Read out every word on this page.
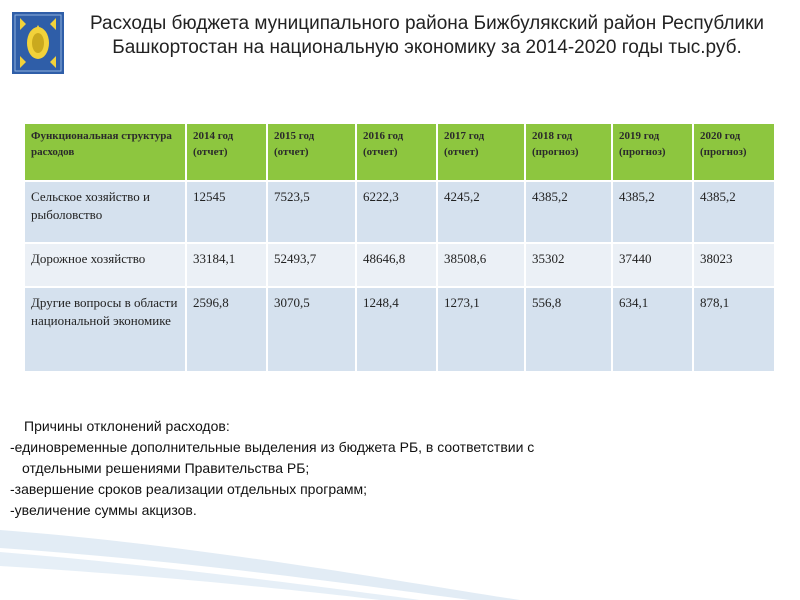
Расходы бюджета муниципального района Бижбулякский район Республики
Башкортостан на национальную экономику за 2014-2020 годы тыс.руб.
Функциональная структура расходов	2014 год (отчет)	2015 год (отчет)	2016 год (отчет)	2017 год (отчет)	2018 год (прогноз)	2019 год (прогноз)	2020 год (прогноз)
Сельское хозяйство и рыболовство	12545	7523,5	6222,3	4245,2	4385,2	4385,2	4385,2
Дорожное хозяйство	33184,1	52493,7	48646,8	38508,6	35302	37440	38023
Другие вопросы в области национальной экономике	2596,8	3070,5	1248,4	1273,1	556,8	634,1	878,1
Причины отклонений расходов:
-единовременные дополнительные выделения из бюджета РБ, в соответствии с
отдельными решениями Правительства РБ;
-завершение сроков реализации отдельных программ;
-увеличение суммы акцизов.
